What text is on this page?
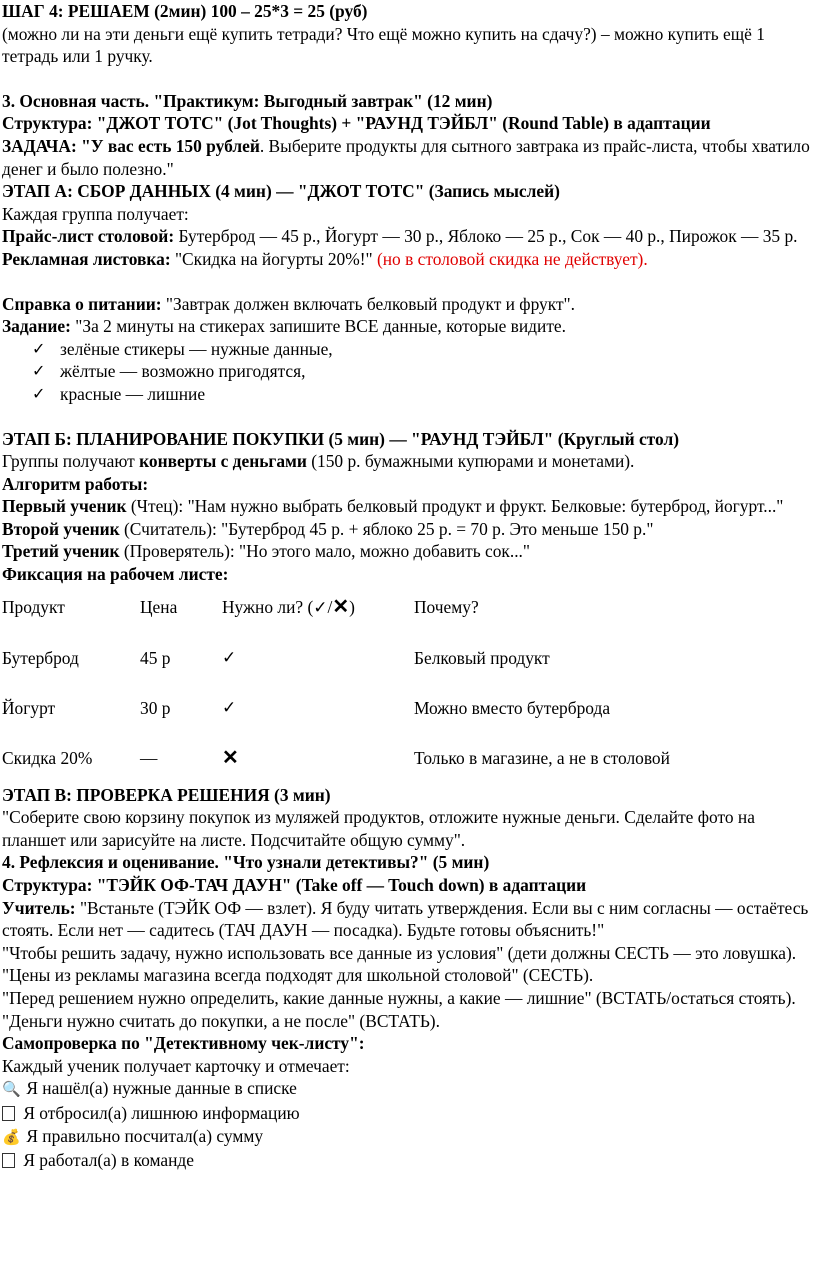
ШАГ 4: РЕШАЕМ (2мин) 100 – 25*3 = 25 (руб)

(можно ли на эти деньги ещё купить тетради? Что ещё можно купить на сдачу?) – можно купить ещё 1 тетрадь или 1 ручку.

3. Основная часть. "Практикум: Выгодный завтрак" (12 мин)

Структура: "ДЖОТ ТОТС" (Jot Thoughts) + "РАУНД ТЭЙБЛ" (Round Table) в адаптации

ЗАДАЧА: "У вас есть 150 рублей. Выберите продукты для сытного завтрака из прайс-листа, чтобы хватило денег и было полезно."

ЭТАП А: СБОР ДАННЫХ (4 мин) — "ДЖОТ ТОТС" (Запись мыслей)

Каждая группа получает:

Прайс-лист столовой: Бутерброд — 45 р., Йогурт — 30 р., Яблоко — 25 р., Сок — 40 р., Пирожок — 35 р.

Рекламная листовка: "Скидка на йогурты 20%!" (но в столовой скидка не действует).

Справка о питании: "Завтрак должен включать белковый продукт и фрукт".

Задание: "За 2 минуты на стикерах запишите ВСЕ данные, которые видите.

✓ зелёные стикеры — нужные данные,
✓ жёлтые — возможно пригодятся,
✓ красные — лишние

ЭТАП Б: ПЛАНИРОВАНИЕ ПОКУПКИ (5 мин) — "РАУНД ТЭЙБЛ" (Круглый стол)

Группы получают конверты с деньгами (150 р. бумажными купюрами и монетами).

Алгоритм работы:

Первый ученик (Чтец): "Нам нужно выбрать белковый продукт и фрукт. Белковые: бутерброд, йогурт..."

Второй ученик (Считатель): "Бутерброд 45 р. + яблоко 25 р. = 70 р. Это меньше 150 р."

Третий ученик (Проверятель): "Но этого мало, можно добавить сок..."

Фиксация на рабочем листе:

Продукт	Цена	Нужно ли? (✓/✕)	Почему?
Бутерброд	45 р	✓	Белковый продукт
Йогурт	30 р	✓	Можно вместо бутерброда
Скидка 20%	—	✕	Только в магазине, а не в столовой

ЭТАП В: ПРОВЕРКА РЕШЕНИЯ (3 мин)

"Соберите свою корзину покупок из муляжей продуктов, отложите нужные деньги. Сделайте фото на планшет или зарисуйте на листе. Подсчитайте общую сумму".

4. Рефлексия и оценивание. "Что узнали детективы?" (5 мин)

Структура: "ТЭЙК ОФ-ТАЧ ДАУН" (Take off — Touch down) в адаптации

Учитель: "Встаньте (ТЭЙК ОФ — взлет). Я буду читать утверждения. Если вы с ним согласны — остаётесь стоять. Если нет — садитесь (ТАЧ ДАУН — посадка). Будьте готовы объяснить!"

"Чтобы решить задачу, нужно использовать все данные из условия" (дети должны СЕСТЬ — это ловушка).

"Цены из рекламы магазина всегда подходят для школьной столовой" (СЕСТЬ).

"Перед решением нужно определить, какие данные нужны, а какие — лишние" (ВСТАТЬ/остаться стоять).

"Деньги нужно считать до покупки, а не после" (ВСТАТЬ).

Самопроверка по "Детективному чек-листу":

Каждый ученик получает карточку и отмечает:

🔍 Я нашёл(а) нужные данные в списке

Я отбросил(а) лишнюю информацию

💰 Я правильно посчитал(а) сумму

Я работал(а) в команде
